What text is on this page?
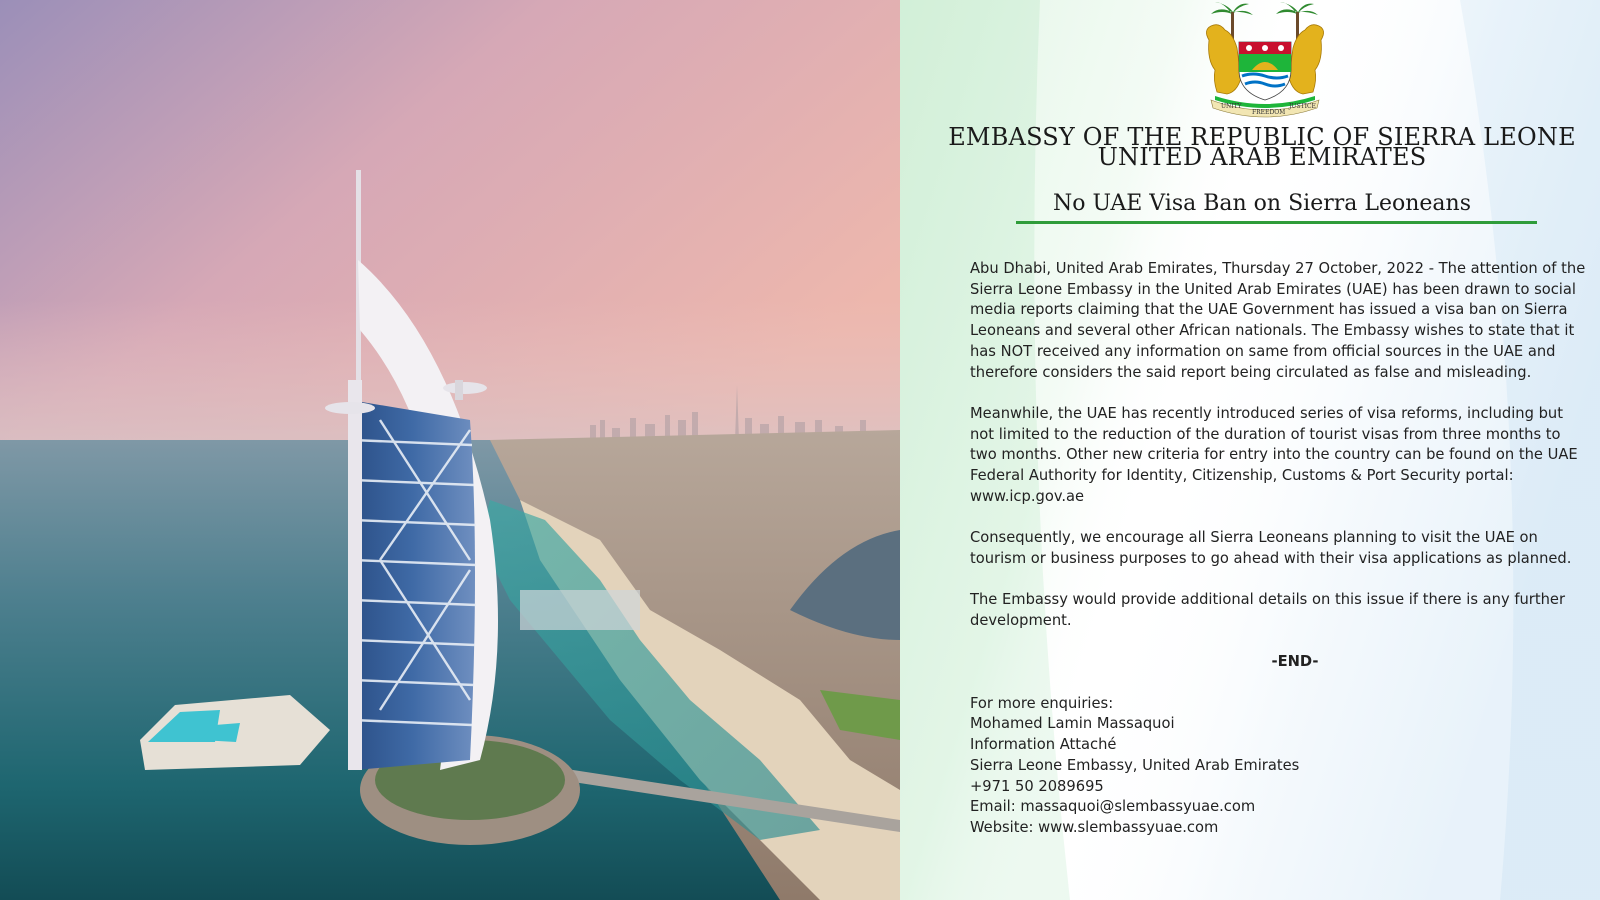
UNITY
FREEDOM
JUSTICE
EMBASSY OF THE REPUBLIC OF SIERRA LEONE
UNITED ARAB EMIRATES
No UAE Visa Ban on Sierra Leoneans

Abu Dhabi, United Arab Emirates, Thursday 27 October, 2022 - The attention of the Sierra Leone Embassy in the United Arab Emirates (UAE) has been drawn to social media reports claiming that the UAE Government has issued a visa ban on Sierra Leoneans and several other African nationals. The Embassy wishes to state that it has NOT received any information on same from official sources in the UAE and therefore considers the said report being circulated as false and misleading.

Meanwhile, the UAE has recently introduced series of visa reforms, including but not limited to the reduction of the duration of tourist visas from three months to two months. Other new criteria for entry into the country can be found on the UAE Federal Authority for Identity, Citizenship, Customs & Port Security portal: www.icp.gov.ae

Consequently, we encourage all Sierra Leoneans planning to visit the UAE on tourism or business purposes to go ahead with their visa applications as planned.

The Embassy would provide additional details on this issue if there is any further development.

-END-
For more enquiries:
Mohamed Lamin Massaquoi
Information Attaché
Sierra Leone Embassy, United Arab Emirates
+971 50 2089695
Email: massaquoi@slembassyuae.com
Website: www.slembassyuae.com
